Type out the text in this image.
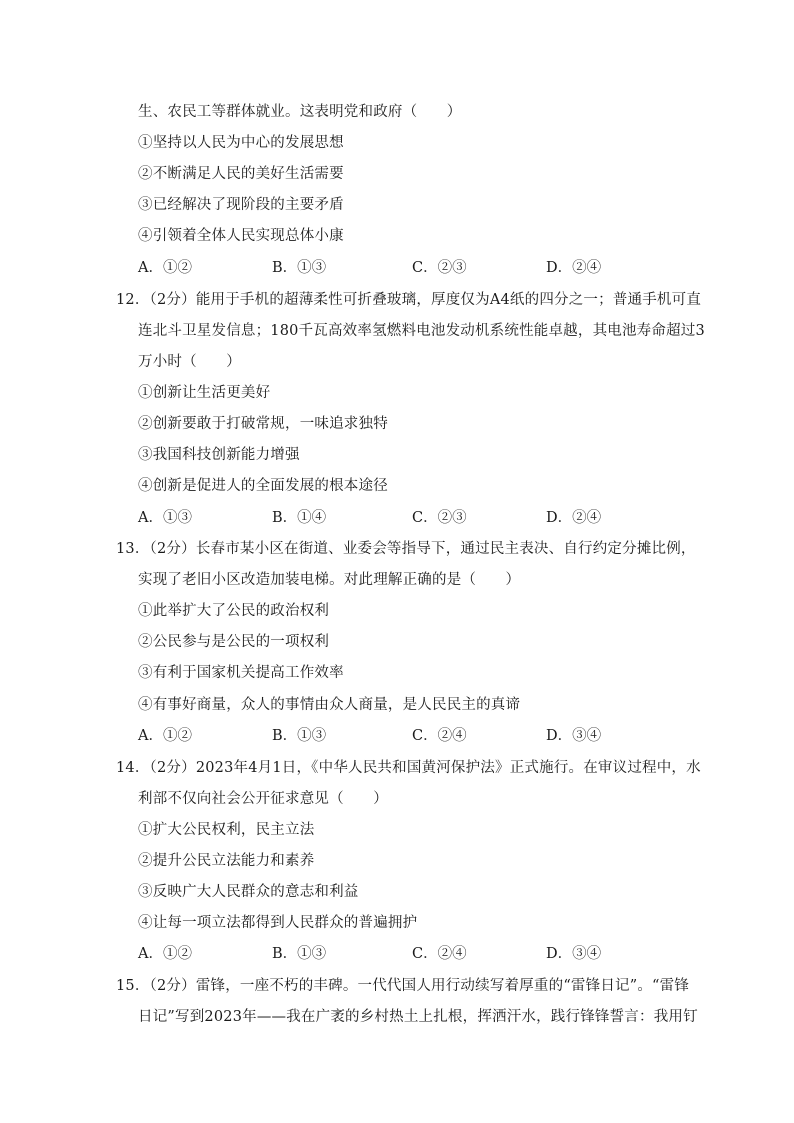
生、农民工等群体就业。这表明党和政府（　　）
①坚持以人民为中心的发展思想
②不断满足人民的美好生活需要
③已经解决了现阶段的主要矛盾
④引领着全体人民实现总体小康
A．①②	B．①③	C．②③	D．②④
12．（2分）能用于手机的超薄柔性可折叠玻璃，厚度仅为A4纸的四分之一；普通手机可直
连北斗卫星发信息；180千瓦高效率氢燃料电池发动机系统性能卓越，其电池寿命超过3
万小时（　　）
①创新让生活更美好
②创新要敢于打破常规，一味追求独特
③我国科技创新能力增强
④创新是促进人的全面发展的根本途径
A．①③	B．①④	C．②③	D．②④
13．（2分）长春市某小区在街道、业委会等指导下，通过民主表决、自行约定分摊比例，
实现了老旧小区改造加装电梯。对此理解正确的是（　　）
①此举扩大了公民的政治权利
②公民参与是公民的一项权利
③有利于国家机关提高工作效率
④有事好商量，众人的事情由众人商量，是人民民主的真谛
A．①②	B．①③	C．②④	D．③④
14．（2分）2023年4月1日，《中华人民共和国黄河保护法》正式施行。在审议过程中，水
利部不仅向社会公开征求意见（　　）
①扩大公民权利，民主立法
②提升公民立法能力和素养
③反映广大人民群众的意志和利益
④让每一项立法都得到人民群众的普遍拥护
A．①②	B．①③	C．②④	D．③④
15．（2分）雷锋，一座不朽的丰碑。一代代国人用行动续写着厚重的“雷锋日记”。“雷锋
日记”写到2023年——我在广袤的乡村热土上扎根，挥洒汗水，践行锋锋誓言：我用钉
